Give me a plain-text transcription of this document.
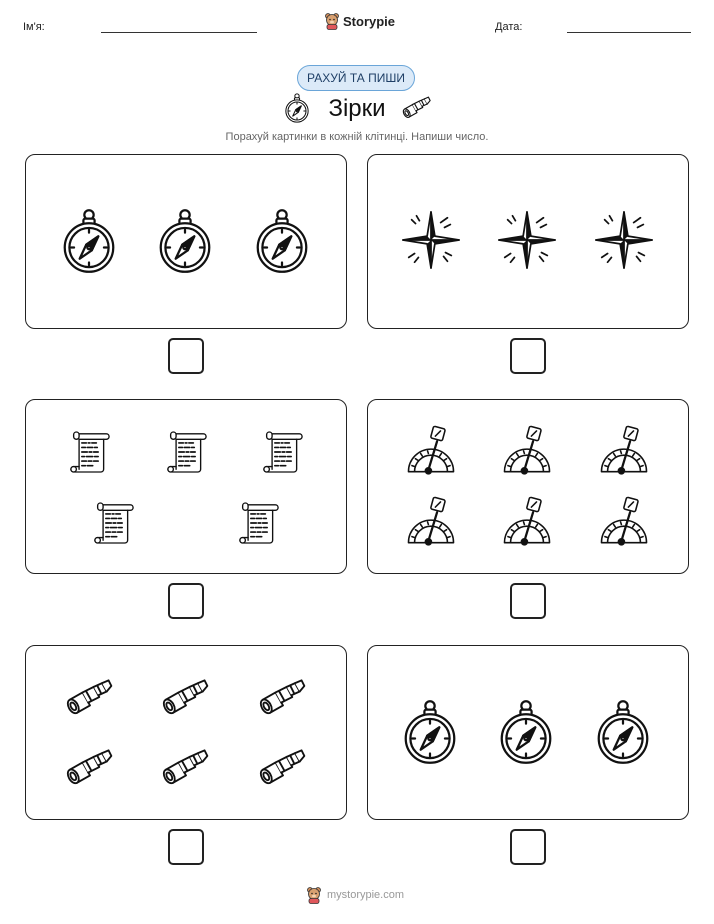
Ім'я:	Storypie	Дата:
РАХУЙ ТА ПИШИ
Зірки
Порахуй картинки в кожній клітинці. Напиши число.
mystorypie.com
